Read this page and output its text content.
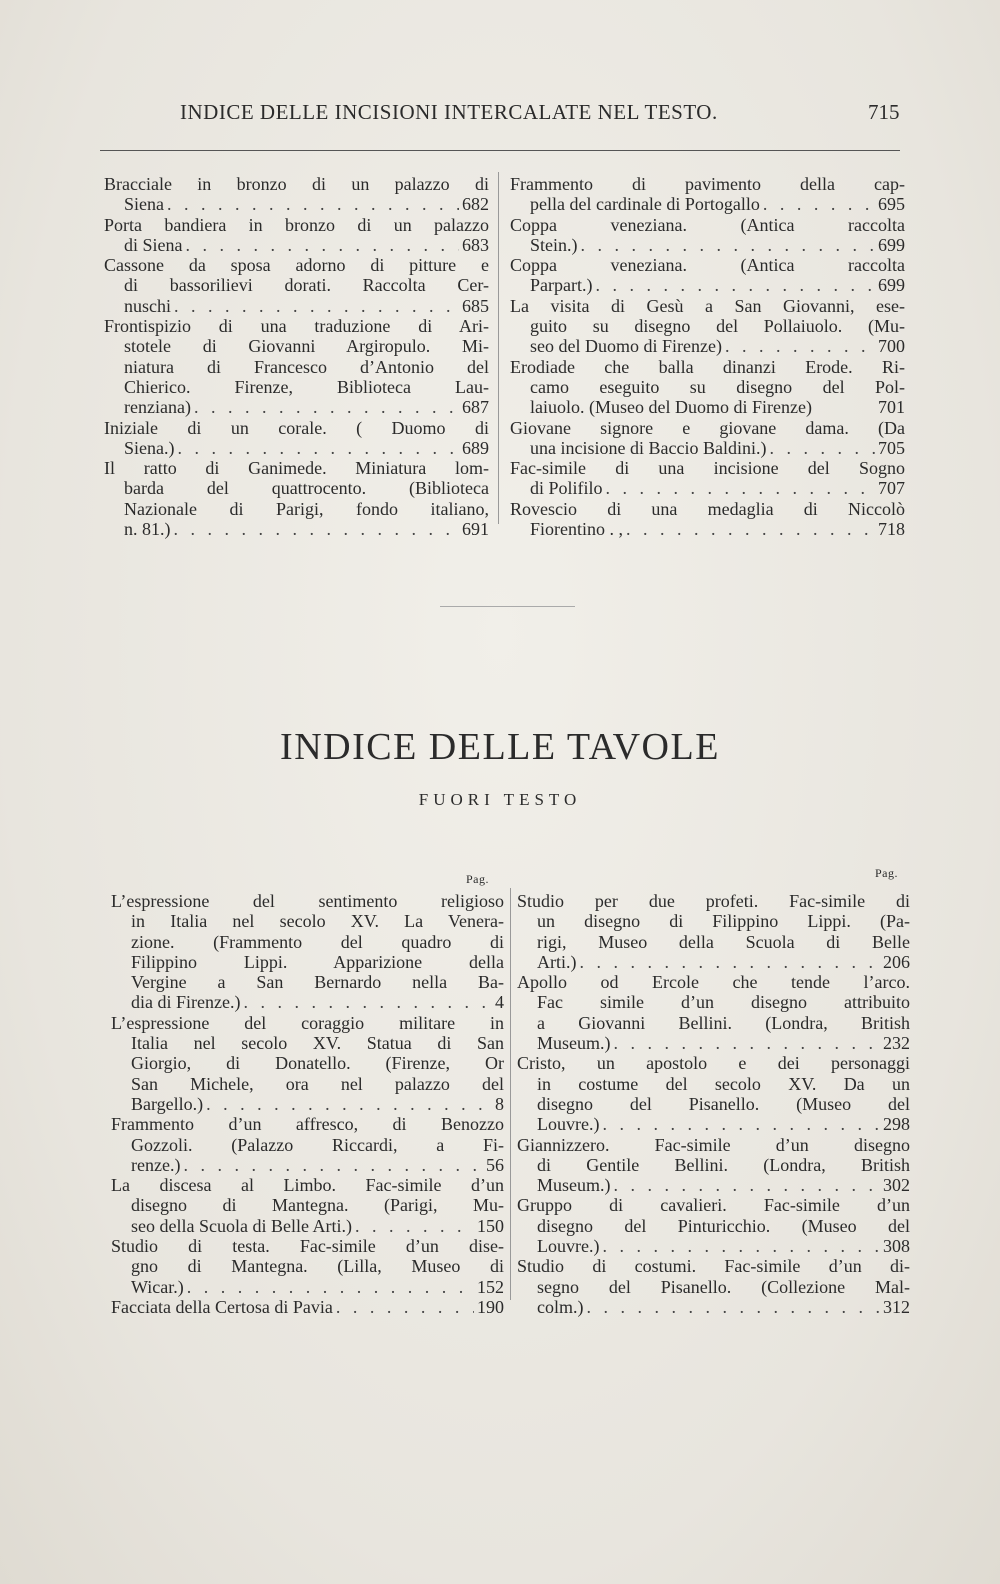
INDICE DELLE INCISIONI INTERCALATE NEL TESTO.	715
Bracciale in bronzo di un palazzo di
Siena . . .	682
Porta bandiera in bronzo di un palazzo
di Siena . . .	683
Cassone da sposa adorno di pitture e
di bassorilievi dorati. Raccolta Cer-
nuschi . . .	685
Frontispizio di una traduzione di Ari-
stotele di Giovanni Argiropulo. Mi-
niatura di Francesco d’Antonio del
Chierico. Firenze, Biblioteca Lau-
renziana) . . .	687
Iniziale di un corale. ( Duomo di
Siena.) . . .	689
Il ratto di Ganimede. Miniatura lom-
barda del quattrocento. (Biblioteca
Nazionale di Parigi, fondo italiano,
n. 81.) . . .	691
Frammento di pavimento della cap-
pella del cardinale di Portogallo . . .	695
Coppa veneziana. (Antica raccolta
Stein.) . . .	699
Coppa veneziana. (Antica raccolta
Parpart.) . . .	699
La visita di Gesù a San Giovanni, ese-
guito su disegno del Pollaiuolo. (Mu-
seo del Duomo di Firenze) . . .	700
Erodiade che balla dinanzi Erode. Ri-
camo eseguito su disegno del Pol-
laiuolo. (Museo del Duomo di Firenze)	701
Giovane signore e giovane dama. (Da
una incisione di Baccio Baldini.) . . .	705
Fac-simile di una incisione del Sogno
di Polifilo . . .	707
Rovescio di una medaglia di Niccolò
Fiorentino . , . . .	718
INDICE DELLE TAVOLE
FUORI TESTO
Pag.	Pag.
L’espressione del sentimento religioso
in Italia nel secolo XV. La Venera-
zione. (Frammento del quadro di
Filippino Lippi. Apparizione della
Vergine a San Bernardo nella Ba-
dia di Firenze.) . . .	4
L’espressione del coraggio militare in
Italia nel secolo XV. Statua di San
Giorgio, di Donatello. (Firenze, Or
San Michele, ora nel palazzo del
Bargello.) . . .	8
Frammento d’un affresco, di Benozzo
Gozzoli. (Palazzo Riccardi, a Fi-
renze.) . . .	56
La discesa al Limbo. Fac-simile d’un
disegno di Mantegna. (Parigi, Mu-
seo della Scuola di Belle Arti.) . . .	150
Studio di testa. Fac-simile d’un dise-
gno di Mantegna. (Lilla, Museo di
Wicar.) . . .	152
Facciata della Certosa di Pavia . . .	190
Studio per due profeti. Fac-simile di
un disegno di Filippino Lippi. (Pa-
rigi, Museo della Scuola di Belle
Arti.) . . .	206
Apollo od Ercole che tende l’arco.
Fac simile d’un disegno attribuito
a Giovanni Bellini. (Londra, British
Museum.) . . .	232
Cristo, un apostolo e dei personaggi
in costume del secolo XV. Da un
disegno del Pisanello. (Museo del
Louvre.) . . .	298
Giannizzero. Fac-simile d’un disegno
di Gentile Bellini. (Londra, British
Museum.) . . .	302
Gruppo di cavalieri. Fac-simile d’un
disegno del Pinturicchio. (Museo del
Louvre.) . . .	308
Studio di costumi. Fac-simile d’un di-
segno del Pisanello. (Collezione Mal-
colm.) . . .	312
